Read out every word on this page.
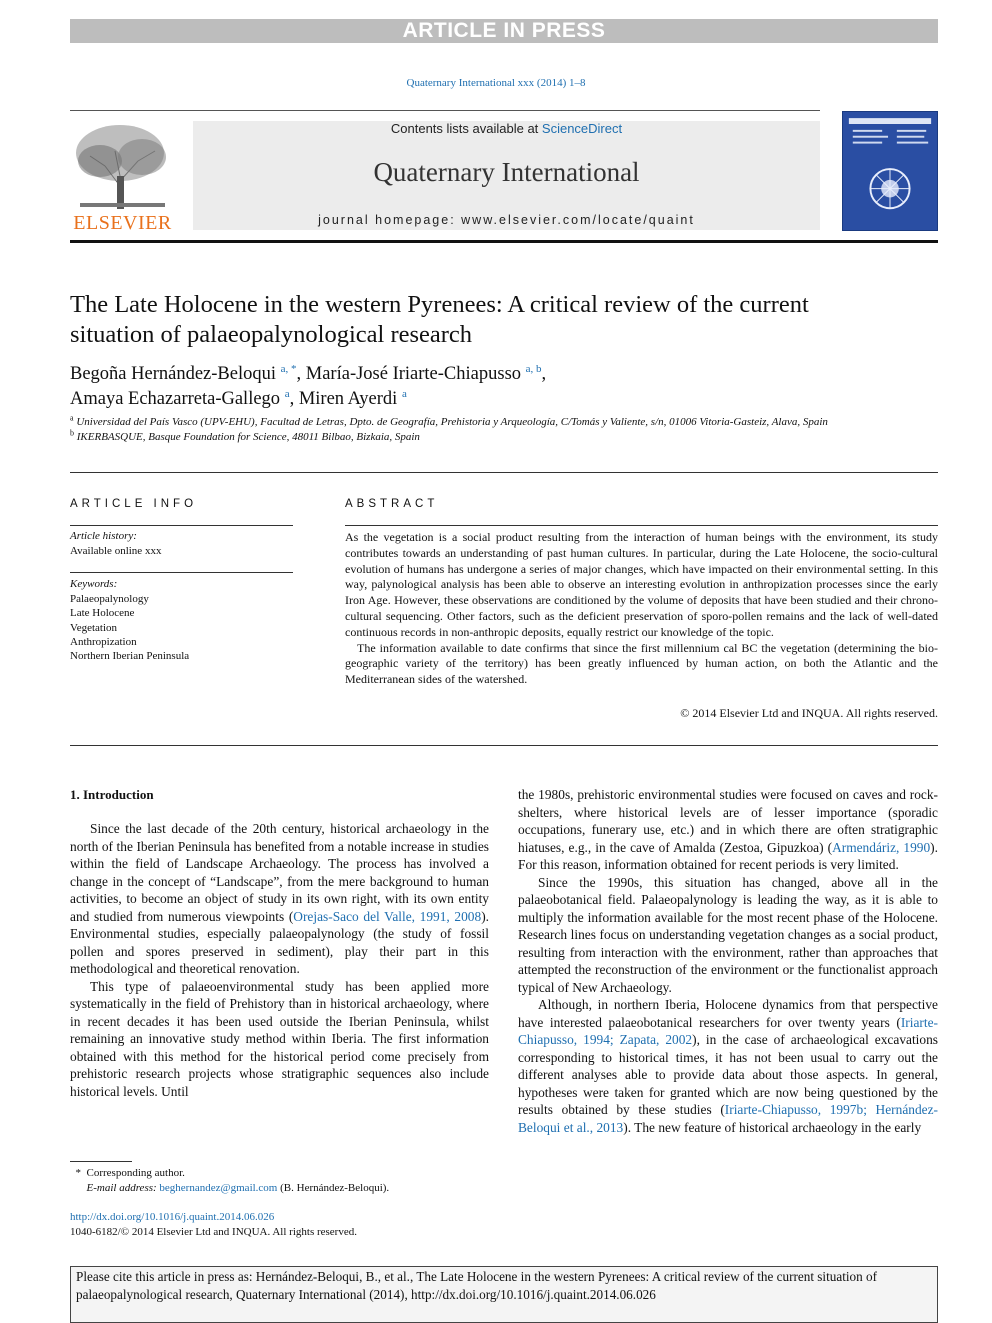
ARTICLE IN PRESS
Quaternary International xxx (2014) 1–8
ELSEVIER
Contents lists available at ScienceDirect
Quaternary International
journal homepage: www.elsevier.com/locate/quaint
The Late Holocene in the western Pyrenees: A critical review of the current situation of palaeopalynological research
Begoña Hernández-Beloqui $^{a, *}$, María-José Iriarte-Chiapusso $^{a, b}$,
Amaya Echazarreta-Gallego $^a$, Miren Ayerdi $^a$
$^a$ Universidad del País Vasco (UPV-EHU), Facultad de Letras, Dpto. de Geografía, Prehistoria y Arqueología, C/Tomás y Valiente, s/n, 01006 Vitoria-Gasteiz, Alava, Spain
$^b$ IKERBASQUE, Basque Foundation for Science, 48011 Bilbao, Bizkaia, Spain
ARTICLE INFO
Article history:
Available online xxx
Keywords:
Palaeopalynology
Late Holocene
Vegetation
Anthropization
Northern Iberian Peninsula
ABSTRACT

As the vegetation is a social product resulting from the interaction of human beings with the environment, its study contributes towards an understanding of past human cultures. In particular, during the Late Holocene, the socio-cultural evolution of humans has undergone a series of major changes, which have impacted on their environmental setting. In this way, palynological analysis has been able to observe an interesting evolution in anthropization processes since the early Iron Age. However, these observations are conditioned by the volume of deposits that have been studied and their chrono-cultural sequencing. Other factors, such as the deficient preservation of sporo-pollen remains and the lack of well-dated continuous records in non-anthropic deposits, equally restrict our knowledge of the topic.

The information available to date confirms that since the first millennium cal BC the vegetation (determining the bio-geographic variety of the territory) has been greatly influenced by human action, on both the Atlantic and the Mediterranean sides of the watershed.

© 2014 Elsevier Ltd and INQUA. All rights reserved.
1. Introduction

Since the last decade of the 20th century, historical archaeology in the north of the Iberian Peninsula has benefited from a notable increase in studies within the field of Landscape Archaeology. The process has involved a change in the concept of “Landscape”, from the mere background to human activities, to become an object of study in its own right, with its own entity and studied from numerous viewpoints (Orejas-Saco del Valle, 1991, 2008). Environmental studies, especially palaeopalynology (the study of fossil pollen and spores preserved in sediment), play their part in this methodological and theoretical renovation.

This type of palaeoenvironmental study has been applied more systematically in the field of Prehistory than in historical archaeology, where in recent decades it has been used outside the Iberian Peninsula, whilst remaining an innovative study method within Iberia. The first information obtained with this method for the historical period come precisely from prehistoric research projects whose stratigraphic sequences also include historical levels. Until

the 1980s, prehistoric environmental studies were focused on caves and rock-shelters, where historical levels are of lesser importance (sporadic occupations, funerary use, etc.) and in which there are often stratigraphic hiatuses, e.g., in the cave of Amalda (Zestoa, Gipuzkoa) (Armendáriz, 1990). For this reason, information obtained for recent periods is very limited.

Since the 1990s, this situation has changed, above all in the palaeobotanical field. Palaeopalynology is leading the way, as it is able to multiply the information available for the most recent phase of the Holocene. Research lines focus on understanding vegetation changes as a social product, resulting from interaction with the environment, rather than approaches that attempted the reconstruction of the environment or the functionalist approach typical of New Archaeology.

Although, in northern Iberia, Holocene dynamics from that perspective have interested palaeobotanical researchers for over twenty years (Iriarte-Chiapusso, 1994; Zapata, 2002), in the case of archaeological excavations corresponding to historical times, it has not been usual to carry out the different analyses able to provide data about those aspects. In general, hypotheses were taken for granted which are now being questioned by the results obtained by these studies (Iriarte-Chiapusso, 1997b; Hernández-Beloqui et al., 2013). The new feature of historical archaeology in the early

* Corresponding author.
E-mail address: beghernandez@gmail.com (B. Hernández-Beloqui).
http://dx.doi.org/10.1016/j.quaint.2014.06.026
1040-6182/© 2014 Elsevier Ltd and INQUA. All rights reserved.
Please cite this article in press as: Hernández-Beloqui, B., et al., The Late Holocene in the western Pyrenees: A critical review of the current situation of palaeopalynological research, Quaternary International (2014), http://dx.doi.org/10.1016/j.quaint.2014.06.026
